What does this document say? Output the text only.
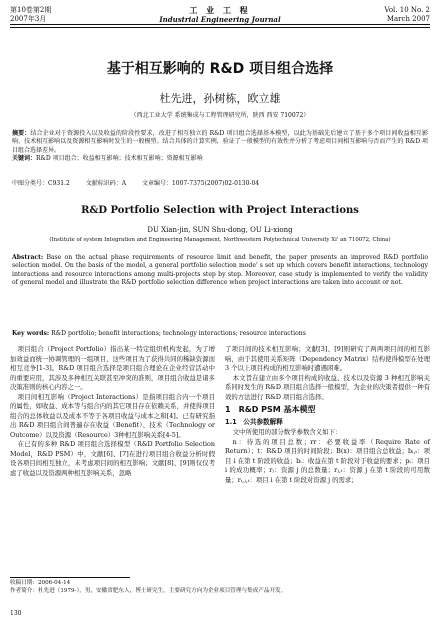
第10卷第2期
2007年3月
工 业 工 程
Industrial Engineering Journal
Vol. 10 No. 2
March 2007
基于相互影响的 R&D 项目组合选择
杜先进，孙树栋，欧立雄
（西北工业大学 系统集成与工程管理研究所，陕西 西安 710072）
摘要：结合企业对于资源投入以及收益的阶段性要求，改进了相互独立的 R&D 项目组合选择基本模型，以此为基础先后建立了基于多个项目间收益相互影响、技术相互影响以及资源相互影响时发生的一般模型。结合具体的计算实例，验证了一般模型的有效性并分析了考虑项目间相互影响与否而产生的 R&D 项目组合选择差异。
关键词：R&D 项目组合；收益相互影响；技术相互影响；资源相互影响
中图分类号：C931.2	文献标识码：A	文章编号：1007-7375(2007)02-0130-04
R&D Portfolio Selection with Project Interactions
DU Xian-jin, SUN Shu-dong, OU Li-xiong
(Institute of system Integration and Engineering Management, Northwestern Polytechnical University Xi' an 710072, China)
Abstract: Base on the actual phase requirements of resource limit and benefit, the paper presents an improved R&D portfolio selection model. On the basis of the model, a general portfolio selection mode' s set up which covers benefit interactions, technology interactions and resource interactions among multi-projects step by step. Moreover, case study is implemented to verify the validity of general model and illustrate the R&D portfolio selection difference when project interactions are taken into account or not.
Key words: R&D portfolio; benefit interactions; technology interactions; resource interactions

项目组合（Project Portfolio）指出某一特定组织机构发起，为了增加效益而统一协调管理的一组项目，这些项目为了获得共同的稀缺资源而相互竞争[1-3]。R&D 项目组合选择是项目组合理论在企业经营活动中的重要应用，其涉及多种相互关联甚至冲突的准则，项目组合收益是诸多决策准则的核心内容之一。

项目间相互影响（Project Interactions）是指项目组合内一个项目的属性，如收益、成本等与组合内的其它项目存在依赖关系，并使得项目组合的总体收益以及成本不等于各项目收益与成本之和[4]。已有研究指出 R&D 项目组合间普遍存在收益（Benefit）、技术（Technology or Outcome）以及资源（Resource）3种相互影响关系[4-5]。

在已有的多种 R&D 项目组合选择模型（R&D Portfolio Selection Model，R&D PSM）中，文献[6]、[7]在进行项目组合收益分析时假设各项目间相互独立，未考虑项目间的相互影响；文献[8]、[9]则仅仅考虑了收益以及资源两种相互影响关系，忽略

了项目间的技术相互影响；文献[3]、[9]则研究了两两项目间的相互影响，由于其使用关系矩阵（Dependency Matrix）结构使得模型在处理 3 个以上项目构成的相互影响时遭遇困难。

本文旨在建立由多个项目构成的收益、技术以及资源 3 种相互影响关系同时发生的 R&D 项目组合选择一般模型，为企业的决策者提供一种有效的方法进行 R&D 项目组合选择。

1　R&D PSM 基本模型
1.1　公共参数解释

文中所使用的部分数学参数含义如下：

n：待选的项目总数；rr：必要收益率（Require Rate of Return）；t：R&D 项目的时间阶段；B(x)：项目组合总收益；bᵢ,ₜ：项目 i 在第 t 阶段的收益；bᵢ：收益在第 t 阶段对于收益的要求；pᵢ：项目 i 的成功概率；rⱼ：资源 j 的总数量；rⱼ,ₜ：资源 j 在第 t 阶段的可用数量；rᵢ,ⱼ,ₜ：项目 i 在第 t 阶段对资源 j 的需求；

收稿日期：2006-04-14
作者简介：杜先进（1979-），男，安徽省肥东人，博士研究生，主要研究方向为企业项目管理与集成产品开发。
130
